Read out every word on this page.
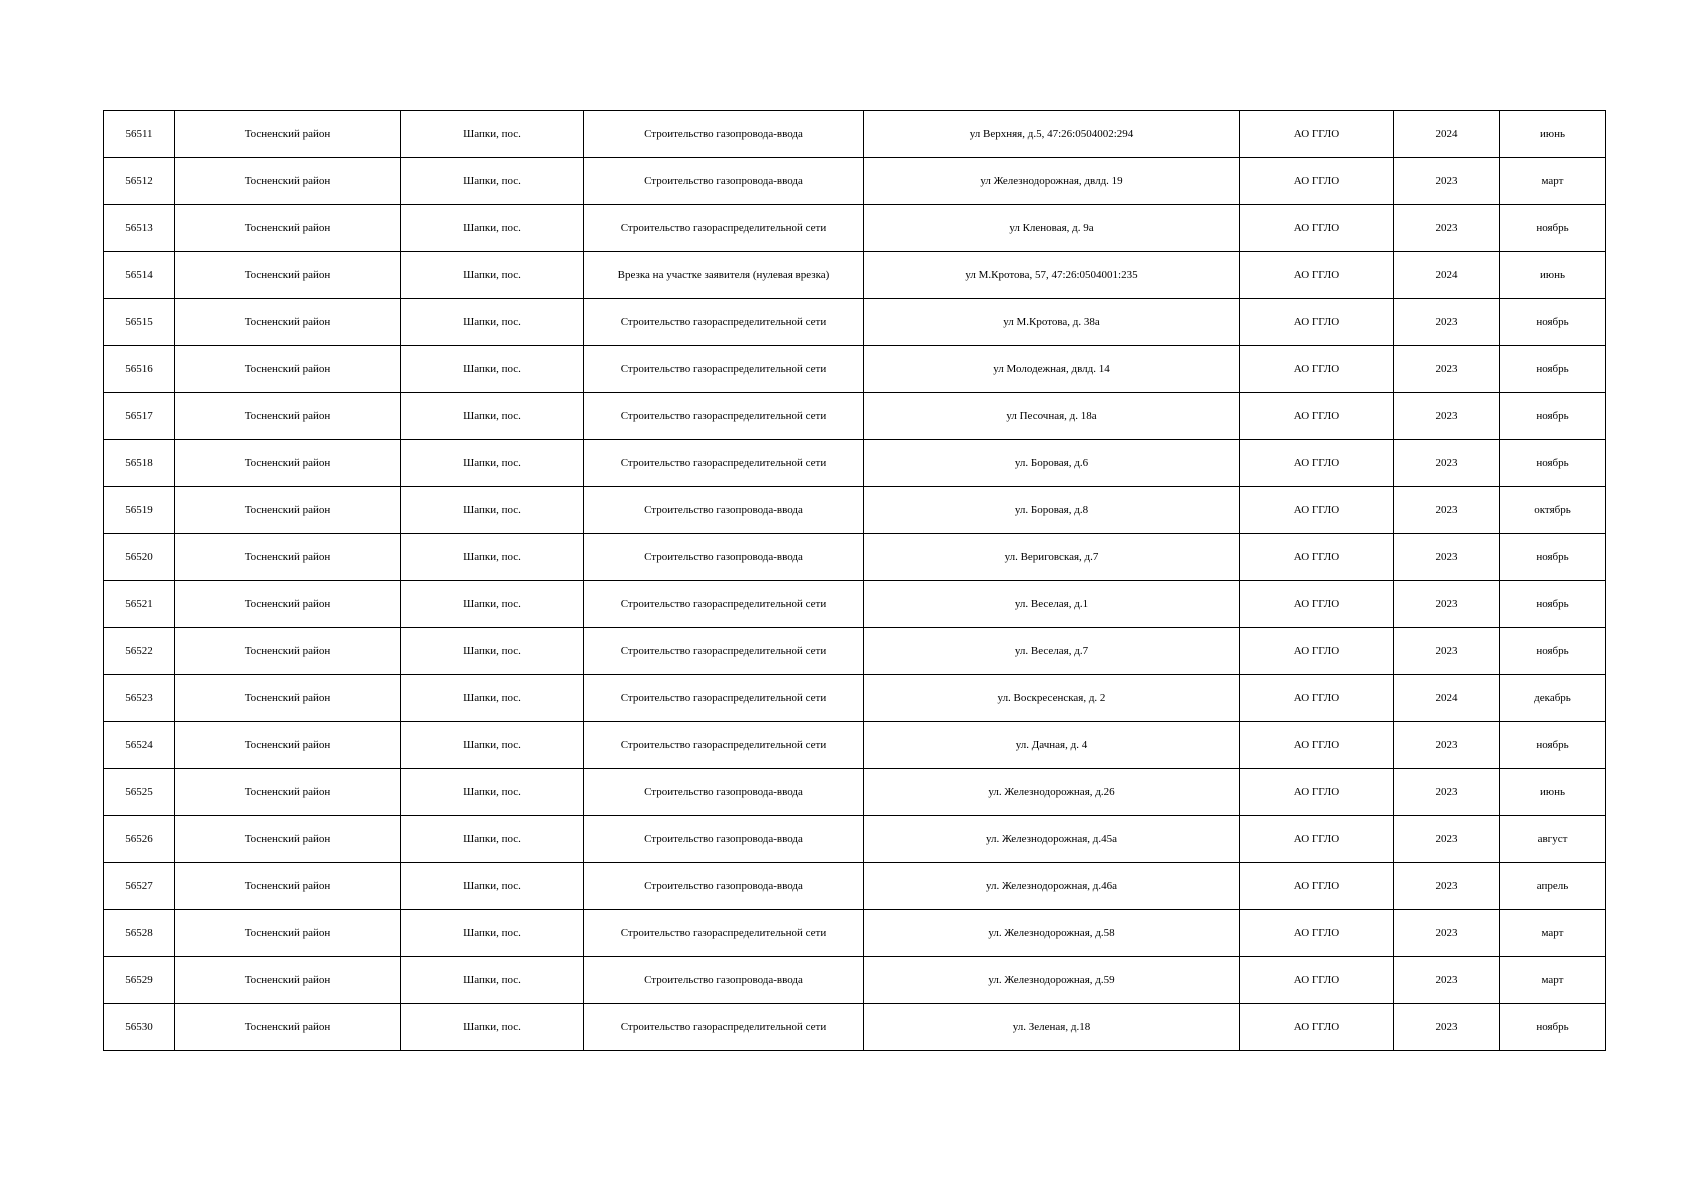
56511	Тосненский район	Шапки, пос.	Строительство газопровода-ввода	ул Верхняя, д.5, 47:26:0504002:294	АО ГГЛО	2024	июнь
56512	Тосненский район	Шапки, пос.	Строительство газопровода-ввода	ул Железнодорожная, двлд. 19	АО ГГЛО	2023	март
56513	Тосненский район	Шапки, пос.	Строительство газораспределительной сети	ул Кленовая, д. 9а	АО ГГЛО	2023	ноябрь
56514	Тосненский район	Шапки, пос.	Врезка на участке заявителя (нулевая врезка)	ул М.Кротова, 57, 47:26:0504001:235	АО ГГЛО	2024	июнь
56515	Тосненский район	Шапки, пос.	Строительство газораспределительной сети	ул М.Кротова, д. 38а	АО ГГЛО	2023	ноябрь
56516	Тосненский район	Шапки, пос.	Строительство газораспределительной сети	ул Молодежная, двлд. 14	АО ГГЛО	2023	ноябрь
56517	Тосненский район	Шапки, пос.	Строительство газораспределительной сети	ул Песочная, д. 18а	АО ГГЛО	2023	ноябрь
56518	Тосненский район	Шапки, пос.	Строительство газораспределительной сети	ул. Боровая, д.6	АО ГГЛО	2023	ноябрь
56519	Тосненский район	Шапки, пос.	Строительство газопровода-ввода	ул. Боровая, д.8	АО ГГЛО	2023	октябрь
56520	Тосненский район	Шапки, пос.	Строительство газопровода-ввода	ул. Вериговская, д.7	АО ГГЛО	2023	ноябрь
56521	Тосненский район	Шапки, пос.	Строительство газораспределительной сети	ул. Веселая, д.1	АО ГГЛО	2023	ноябрь
56522	Тосненский район	Шапки, пос.	Строительство газораспределительной сети	ул. Веселая, д.7	АО ГГЛО	2023	ноябрь
56523	Тосненский район	Шапки, пос.	Строительство газораспределительной сети	ул. Воскресенская, д. 2	АО ГГЛО	2024	декабрь
56524	Тосненский район	Шапки, пос.	Строительство газораспределительной сети	ул. Дачная, д. 4	АО ГГЛО	2023	ноябрь
56525	Тосненский район	Шапки, пос.	Строительство газопровода-ввода	ул. Железнодорожная, д.26	АО ГГЛО	2023	июнь
56526	Тосненский район	Шапки, пос.	Строительство газопровода-ввода	ул. Железнодорожная, д.45а	АО ГГЛО	2023	август
56527	Тосненский район	Шапки, пос.	Строительство газопровода-ввода	ул. Железнодорожная, д.46а	АО ГГЛО	2023	апрель
56528	Тосненский район	Шапки, пос.	Строительство газораспределительной сети	ул. Железнодорожная, д.58	АО ГГЛО	2023	март
56529	Тосненский район	Шапки, пос.	Строительство газопровода-ввода	ул. Железнодорожная, д.59	АО ГГЛО	2023	март
56530	Тосненский район	Шапки, пос.	Строительство газораспределительной сети	ул. Зеленая, д.18	АО ГГЛО	2023	ноябрь
